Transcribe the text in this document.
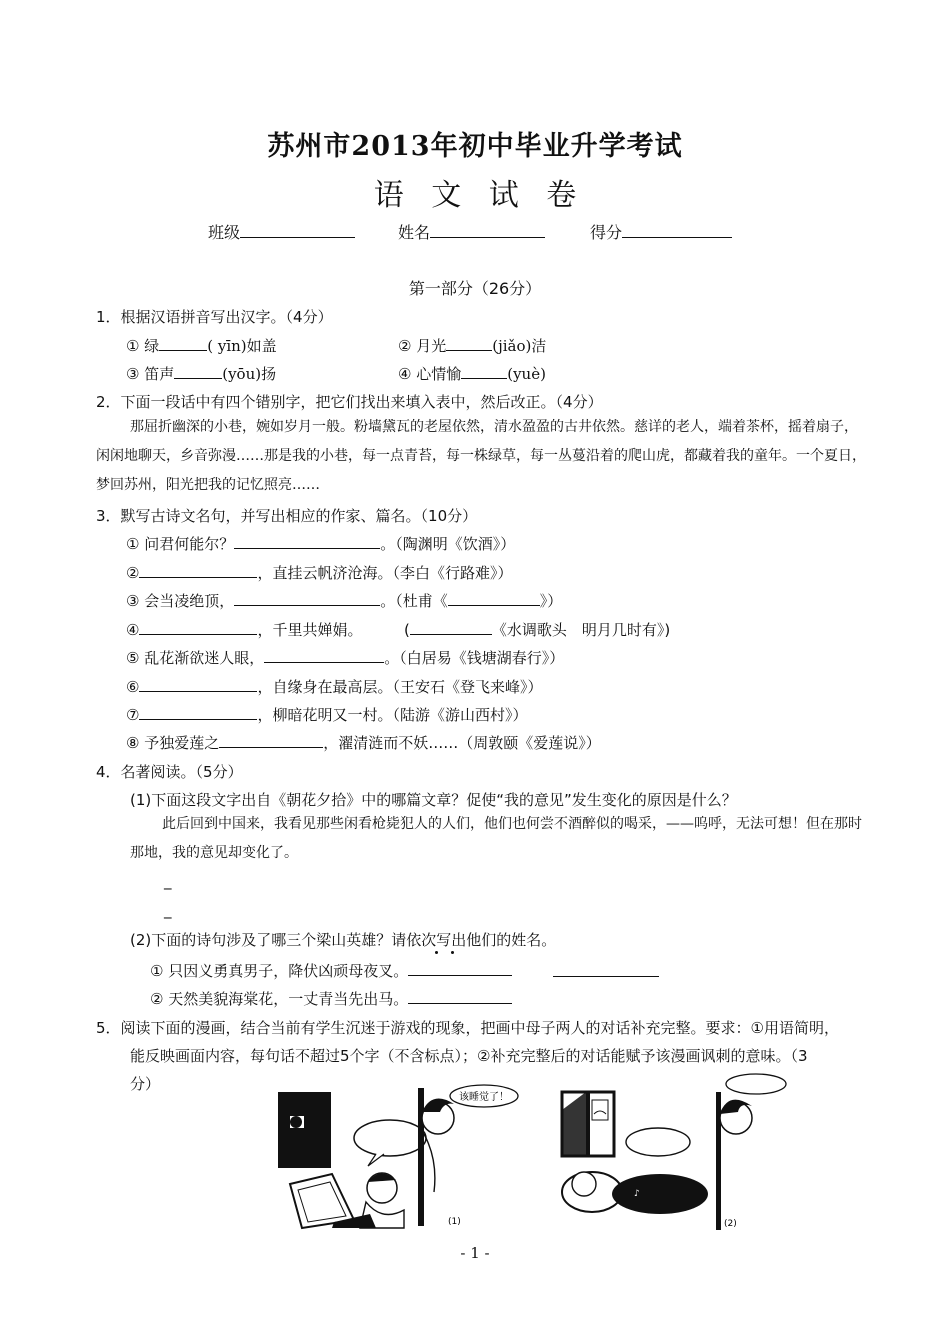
苏州市2013年初中毕业升学考试
语 文 试 卷
班级	姓名	得分
第一部分（26分）
1．根据汉语拼音写出汉字。（4分）
① 绿	( yīn)如盖	② 月光	(jiǎo)洁
③ 笛声	(yōu)扬	④ 心情愉	(yuè)
2．下面一段话中有四个错别字，把它们找出来填入表中，然后改正。（4分）
那屈折幽深的小巷，婉如岁月一般。粉墙黛瓦的老屋依然，清水盈盈的古井依然。慈详的老人，端着茶杯，摇着扇子，闲闲地聊天，乡音弥漫……那是我的小巷，每一点青苔，每一株绿草，每一丛蔓沿着的爬山虎，都藏着我的童年。一个夏日，梦回苏州，阳光把我的记忆照亮……
3．默写古诗文名句，并写出相应的作家、篇名。（10分）
① 问君何能尔？	。（陶渊明《饮酒》）
②	，直挂云帆济沧海。（李白《行路难》）
③ 会当凌绝顶，	。（杜甫《	》）
④	，千里共婵娟。	(	《水调歌头　明月几时有》)
⑤ 乱花渐欲迷人眼，	。（白居易《钱塘湖春行》）
⑥	，自缘身在最高层。（王安石《登飞来峰》）
⑦	，柳暗花明又一村。（陆游《游山西村》）
⑧ 予独爱莲之	，濯清涟而不妖……（周敦颐《爱莲说》）
4．名著阅读。（5分）
(1)下面这段文字出自《朝花夕拾》中的哪篇文章？促使“我的意见”发生变化的原因是什么？
此后回到中国来，我看见那些闲看枪毙犯人的人们，他们也何尝不酒醉似的喝采，——呜呼，无法可想！但在那时那地，我的意见却变化了。
_
_
(2)下面的诗句涉及了哪三个梁山英雄？请依次写出他们的姓名。
① 只因义勇真男子，降伏凶顽母夜叉。
② 天然美貌海棠花，一丈青当先出马。
5．阅读下面的漫画，结合当前有学生沉迷于游戏的现象，把画中母子两人的对话补充完整。要求：①用语简明，
能反映画面内容，每句话不超过5个字（不含标点）；②补充完整后的对话能赋予该漫画讽刺的意味。（3
分）
该睡觉了！
(1)
♪
(2)
- 1 -
